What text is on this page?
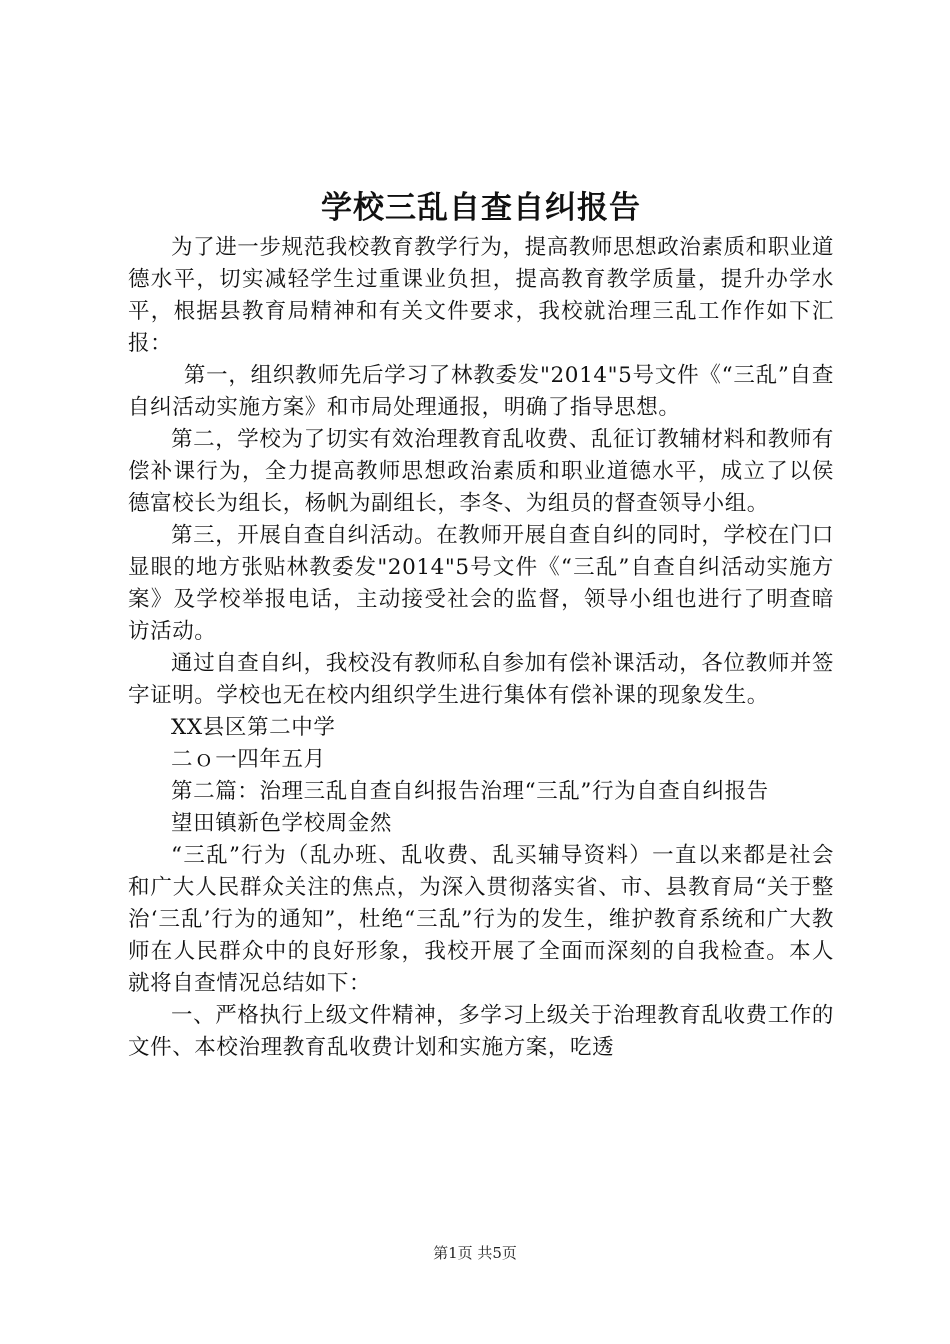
学校三乱自查自纠报告

为了进一步规范我校教育教学行为，提高教师思想政治素质和职业道德水平，切实减轻学生过重课业负担，提高教育教学质量，提升办学水平，根据县教育局精神和有关文件要求，我校就治理三乱工作作如下汇报：

第一，组织教师先后学习了林教委发"2014"5号文件《“三乱”自查自纠活动实施方案》和市局处理通报，明确了指导思想。

第二，学校为了切实有效治理教育乱收费、乱征订教辅材料和教师有偿补课行为，全力提高教师思想政治素质和职业道德水平，成立了以侯德富校长为组长，杨帆为副组长，李冬、为组员的督查领导小组。

第三，开展自查自纠活动。在教师开展自查自纠的同时，学校在门口显眼的地方张贴林教委发"2014"5号文件《“三乱”自查自纠活动实施方案》及学校举报电话，主动接受社会的监督，领导小组也进行了明查暗访活动。

通过自查自纠，我校没有教师私自参加有偿补课活动，各位教师并签字证明。学校也无在校内组织学生进行集体有偿补课的现象发生。

XX县区第二中学

二ｏ一四年五月

第二篇：治理三乱自查自纠报告治理“三乱”行为自查自纠报告

望田镇新色学校周金然

“三乱”行为（乱办班、乱收费、乱买辅导资料）一直以来都是社会和广大人民群众关注的焦点，为深入贯彻落实省、市、县教育局“关于整治‘三乱’行为的通知”，杜绝“三乱”行为的发生，维护教育系统和广大教师在人民群众中的良好形象，我校开展了全面而深刻的自我检查。本人就将自查情况总结如下：

一、严格执行上级文件精神，多学习上级关于治理教育乱收费工作的文件、本校治理教育乱收费计划和实施方案，吃透

第1页 共5页
